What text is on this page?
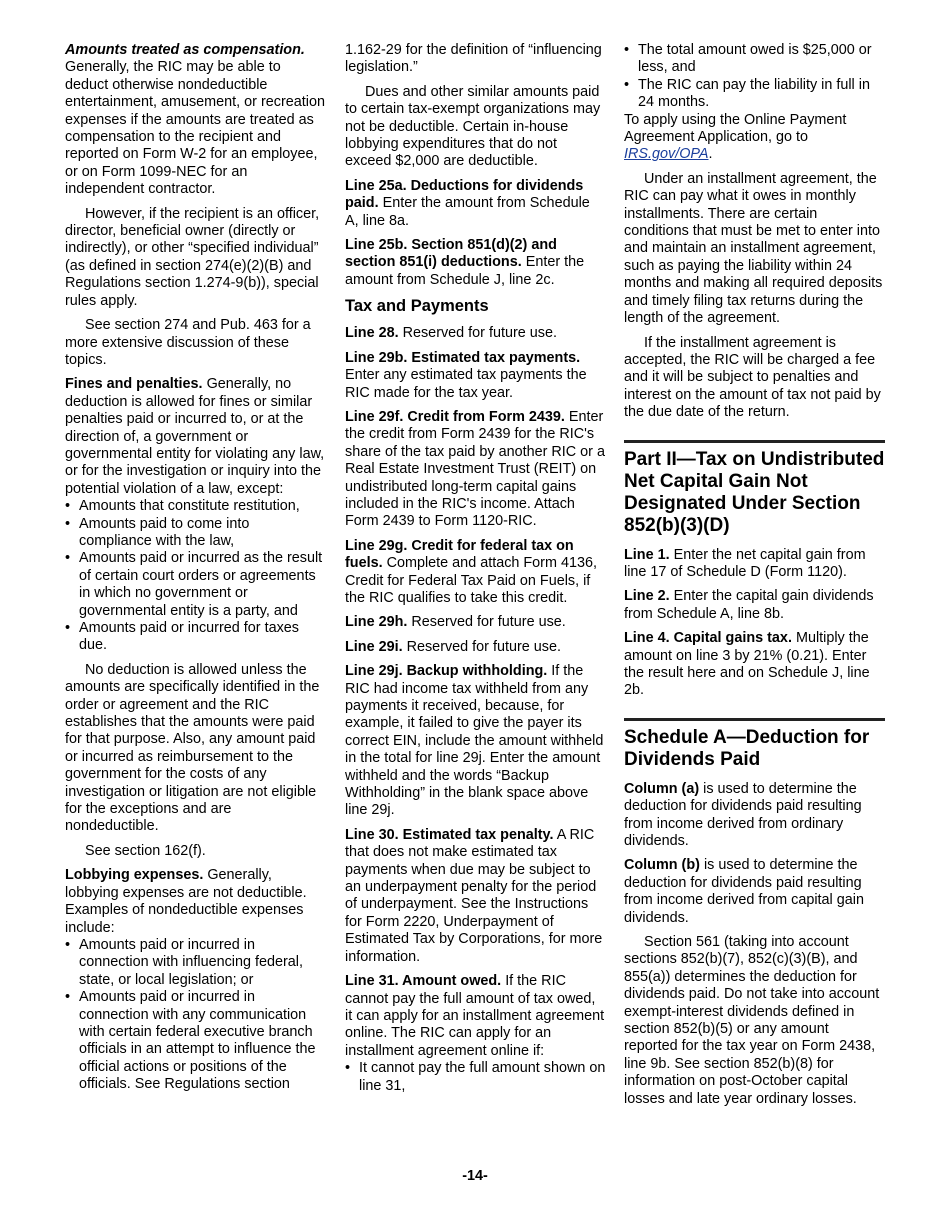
Amounts treated as compensation. Generally, the RIC may be able to deduct otherwise nondeductible entertainment, amusement, or recreation expenses if the amounts are treated as compensation to the recipient and reported on Form W-2 for an employee, or on Form 1099-NEC for an independent contractor.

However, if the recipient is an officer, director, beneficial owner (directly or indirectly), or other “specified individual” (as defined in section 274(e)(2)(B) and Regulations section 1.274-9(b)), special rules apply.

See section 274 and Pub. 463 for a more extensive discussion of these topics.

Fines and penalties. Generally, no deduction is allowed for fines or similar penalties paid or incurred to, or at the direction of, a government or governmental entity for violating any law, or for the investigation or inquiry into the potential violation of a law, except:

• Amounts that constitute restitution,

• Amounts paid to come into compliance with the law,

• Amounts paid or incurred as the result of certain court orders or agreements in which no government or governmental entity is a party, and

• Amounts paid or incurred for taxes due.

No deduction is allowed unless the amounts are specifically identified in the order or agreement and the RIC establishes that the amounts were paid for that purpose. Also, any amount paid or incurred as reimbursement to the government for the costs of any investigation or litigation are not eligible for the exceptions and are nondeductible.

See section 162(f).

Lobbying expenses. Generally, lobbying expenses are not deductible. Examples of nondeductible expenses include:

• Amounts paid or incurred in connection with influencing federal, state, or local legislation; or

• Amounts paid or incurred in connection with any communication with certain federal executive branch officials in an attempt to influence the official actions or positions of the officials. See Regulations section

1.162-29 for the definition of “influencing legislation.”

Dues and other similar amounts paid to certain tax-exempt organizations may not be deductible. Certain in-house lobbying expenditures that do not exceed $2,000 are deductible.

Line 25a. Deductions for dividends paid. Enter the amount from Schedule A, line 8a.

Line 25b. Section 851(d)(2) and section 851(i) deductions. Enter the amount from Schedule J, line 2c.

Tax and Payments

Line 28. Reserved for future use.

Line 29b. Estimated tax payments. Enter any estimated tax payments the RIC made for the tax year.

Line 29f. Credit from Form 2439. Enter the credit from Form 2439 for the RIC's share of the tax paid by another RIC or a Real Estate Investment Trust (REIT) on undistributed long-term capital gains included in the RIC's income. Attach Form 2439 to Form 1120-RIC.

Line 29g. Credit for federal tax on fuels. Complete and attach Form 4136, Credit for Federal Tax Paid on Fuels, if the RIC qualifies to take this credit.

Line 29h. Reserved for future use.

Line 29i. Reserved for future use.

Line 29j. Backup withholding. If the RIC had income tax withheld from any payments it received, because, for example, it failed to give the payer its correct EIN, include the amount withheld in the total for line 29j. Enter the amount withheld and the words “Backup Withholding” in the blank space above line 29j.

Line 30. Estimated tax penalty. A RIC that does not make estimated tax payments when due may be subject to an underpayment penalty for the period of underpayment. See the Instructions for Form 2220, Underpayment of Estimated Tax by Corporations, for more information.

Line 31. Amount owed. If the RIC cannot pay the full amount of tax owed, it can apply for an installment agreement online. The RIC can apply for an installment agreement online if:

• It cannot pay the full amount shown on line 31,

• The total amount owed is $25,000 or less, and

• The RIC can pay the liability in full in 24 months.

To apply using the Online Payment Agreement Application, go to IRS.gov/OPA.

Under an installment agreement, the RIC can pay what it owes in monthly installments. There are certain conditions that must be met to enter into and maintain an installment agreement, such as paying the liability within 24 months and making all required deposits and timely filing tax returns during the length of the agreement.

If the installment agreement is accepted, the RIC will be charged a fee and it will be subject to penalties and interest on the amount of tax not paid by the due date of the return.

Part II—Tax on Undistributed Net Capital Gain Not Designated Under Section 852(b)(3)(D)

Line 1. Enter the net capital gain from line 17 of Schedule D (Form 1120).

Line 2. Enter the capital gain dividends from Schedule A, line 8b.

Line 4. Capital gains tax. Multiply the amount on line 3 by 21% (0.21). Enter the result here and on Schedule J, line 2b.

Schedule A—Deduction for Dividends Paid

Column (a) is used to determine the deduction for dividends paid resulting from income derived from ordinary dividends.

Column (b) is used to determine the deduction for dividends paid resulting from income derived from capital gain dividends.

Section 561 (taking into account sections 852(b)(7), 852(c)(3)(B), and 855(a)) determines the deduction for dividends paid. Do not take into account exempt-interest dividends defined in section 852(b)(5) or any amount reported for the tax year on Form 2438, line 9b. See section 852(b)(8) for information on post-October capital losses and late year ordinary losses.

-14-
